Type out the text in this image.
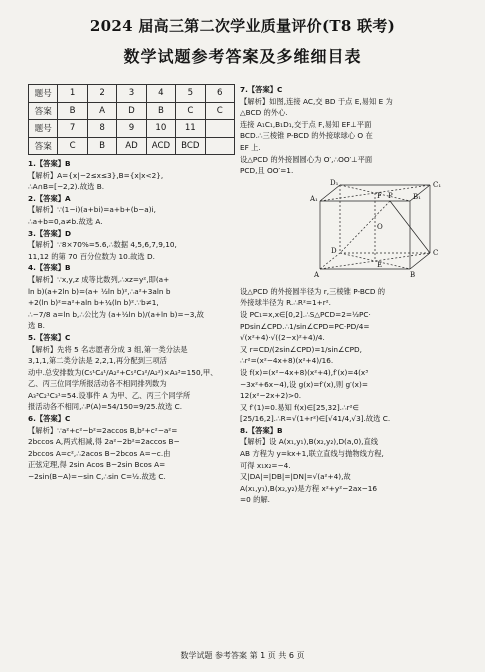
2024 届高三第二次学业质量评价(T8 联考)
数学试题参考答案及多维细目表
题号	1	2	3	4	5	6
答案	B	A	D	B	C	C
题号	7	8	9	10	11	
答案	C	B	AD	ACD	BCD	
1.【答案】B
【解析】A={x|−2≤x≤3},B={x|x<2},
∴A∩B=[−2,2).故选 B.
2.【答案】A
【解析】∵(1−i)(a+bi)=a+b+(b−a)i,
∴a+b=0,a≠b.故选 A.
3.【答案】D
【解析】∵8×70%=5.6,∴数据 4,5,6,7,9,10,
11,12 的第 70 百分位数为 10.故选 D.
4.【答案】B
【解析】∵x,y,z 成等比数列,∴xz=y²,即(a+
ln b)(a+2ln b)=(a+ ½ln b)²,∴a²+3aln b
+2(ln b)²=a²+aln b+¼(ln b)².∵b≠1,
∴−7/8 a=ln b,∴公比为 (a+½ln b)/(a+ln b)=−3,故
选 B.
5.【答案】C
【解析】先将 5 名志愿者分成 3 组,第一类分法是
3,1,1,第二类分法是 2,2,1,再分配到三项活
动中.总安排数为(C₅¹C₄¹/A₂²+C₅²C₃²/A₂²)×A₃³=150,甲、
乙、丙三位同学所报活动各不相同排列数为
A₃³C₂¹C₃¹=54.设事件 A 为甲、乙、丙三个同学所
报活动各不相同,∴P(A)=54/150=9/25.故选 C.
6.【答案】C
【解析】∵a²+c²−b²=2accos B,b²+c²−a²=
2bccos A,两式相减,得 2a²−2b²=2accos B−
2bccos A=c²,∴2acos B−2bcos A=−c.由
正弦定理,得 2sin Acos B−2sin Bcos A=
−2sin(B−A)=−sin C,∴sin C=½.故选 C.
7.【答案】C
【解析】如图,连接 AC,交 BD 于点 E,易知 E 为
△BCD 的外心.
连接 A₁C₁,B₁D₁,交于点 F,易知 EF⊥平面
BCD.∴三棱锥 P-BCD 的外接球球心 O 在
EF 上.
设△PCD 的外接圆圆心为 O′,∴OO′⊥平面
PCD,且 OO′=1.
D₁
A₁
C₁
B₁
D	C
A	B
E
F
O
P
设△PCD 的外接圆半径为 r,三棱锥 P-BCD 的
外接球半径为 R.∴R²=1+r².
设 PC₁=x,x∈[0,2].∴S△PCD=2=½PC·
PDsin∠CPD.∴1/sin∠CPD=PC·PD/4=
√(x²+4)·√((2−x)²+4)/4.
又 r=CD/(2sin∠CPD)=1/sin∠CPD,
∴r²=(x²−4x+8)(x²+4)/16.
设 f(x)=(x²−4x+8)(x²+4),f′(x)=4(x³
−3x²+6x−4),设 g(x)=f′(x),则 g′(x)=
12(x²−2x+2)>0.
又 f′(1)=0.易知 f(x)∈[25,32].∴r²∈
[25/16,2].∴R=√(1+r²)∈[√41/4,√3].故选 C.
8.【答案】B
【解析】设 A(x₁,y₁),B(x₂,y₂),D(a,0),直线
AB 方程为 y=kx+1,联立直线与抛物线方程,
可得 x₁x₂=−4.
又|DA|=|DB|=|DN|=√(a²+4),故
A(x₁,y₁),B(x₂,y₂)是方程 x²+y²−2ax−16
=0 的解.
数学试题 参考答案 第 1 页 共 6 页
